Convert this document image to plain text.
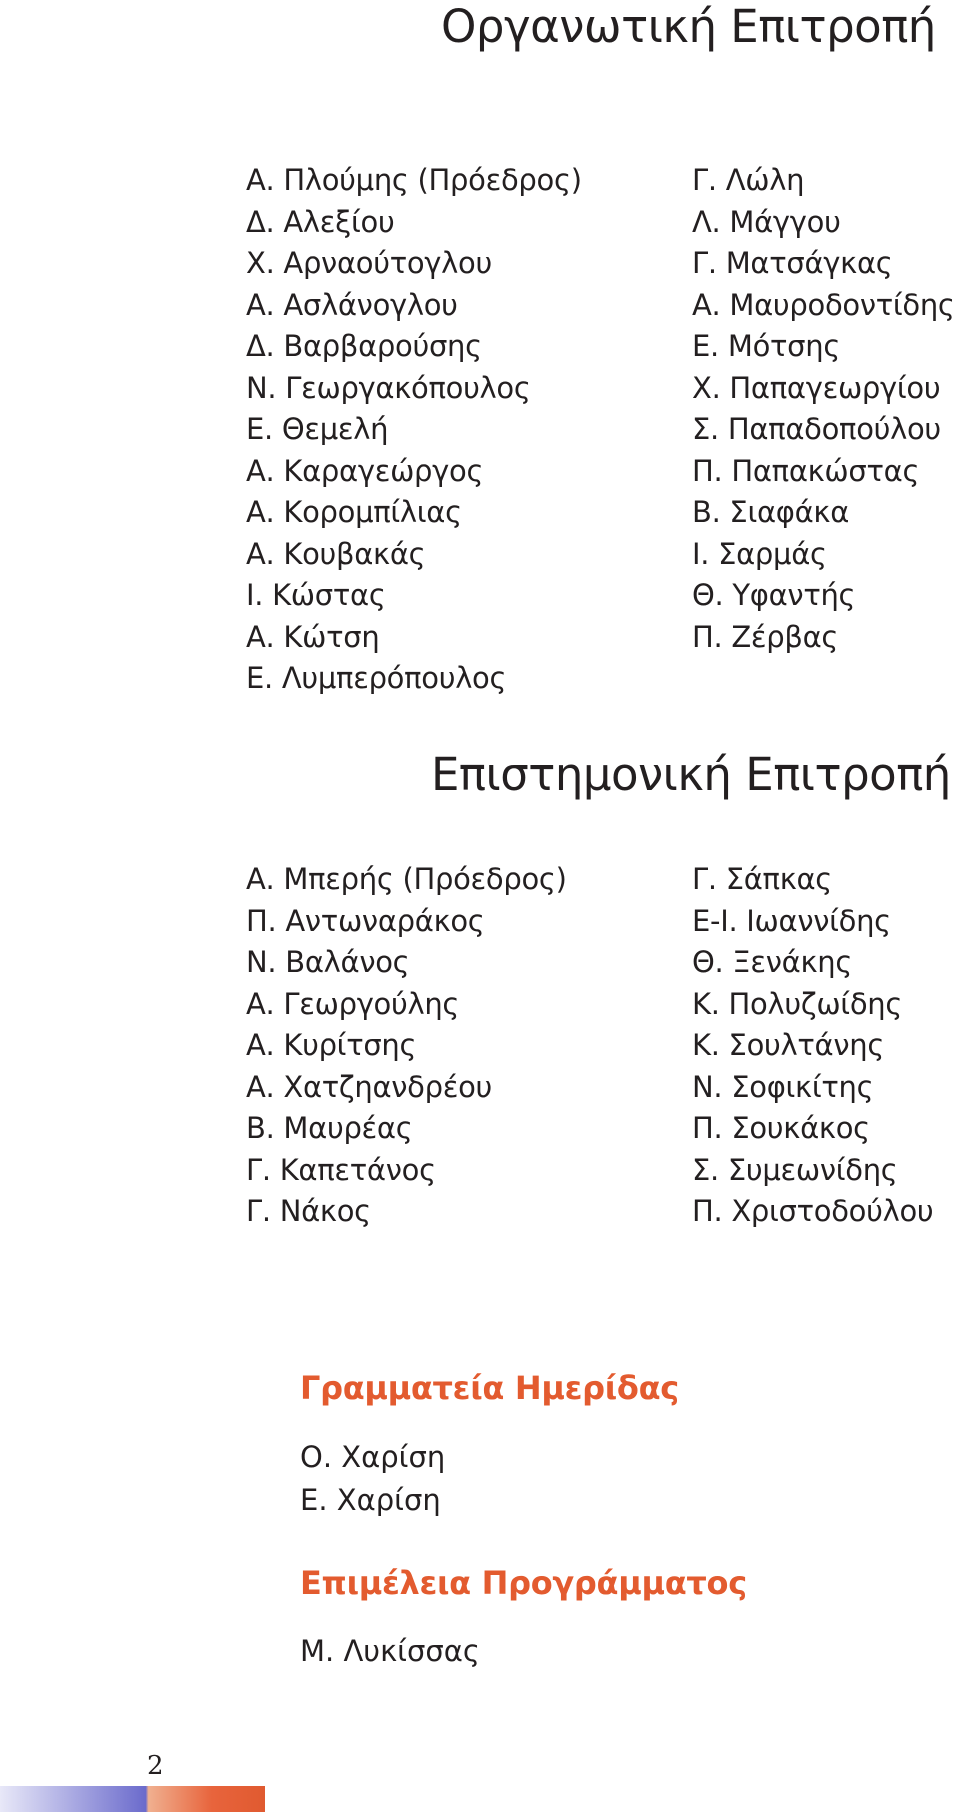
Οργανωτική Επιτροπή
Α. Πλούμης (Πρόεδρος)
Δ. Αλεξίου
Χ. Αρναούτογλου
Α. Ασλάνογλου
Δ. Βαρβαρούσης
Ν. Γεωργακόπουλος
Ε. Θεμελή
Α. Καραγεώργος
Α. Κορομπίλιας
Α. Κουβακάς
Ι. Κώστας
Α. Κώτση
Ε. Λυμπερόπουλος
Γ. Λώλη
Λ. Μάγγου
Γ. Ματσάγκας
Α. Μαυροδοντίδης
Ε. Μότσης
Χ. Παπαγεωργίου
Σ. Παπαδοπούλου
Π. Παπακώστας
Β. Σιαφάκα
Ι. Σαρμάς
Θ. Υφαντής
Π. Ζέρβας
Επιστημονική Επιτροπή
Α. Μπερής (Πρόεδρος)
Π. Αντωναράκος
Ν. Βαλάνος
Α. Γεωργούλης
Α. Κυρίτσης
Α. Χατζηανδρέου
Β. Μαυρέας
Γ. Καπετάνος
Γ. Νάκος
Γ. Σάπκας
Ε-Ι. Ιωαννίδης
Θ. Ξενάκης
Κ. Πολυζωίδης
Κ. Σουλτάνης
Ν. Σοφικίτης
Π. Σουκάκος
Σ. Συμεωνίδης
Π. Χριστοδούλου
Γραμματεία Ημερίδας
Ο. Χαρίση
Ε. Χαρίση
Επιμέλεια Προγράμματος
Μ. Λυκίσσας
2
